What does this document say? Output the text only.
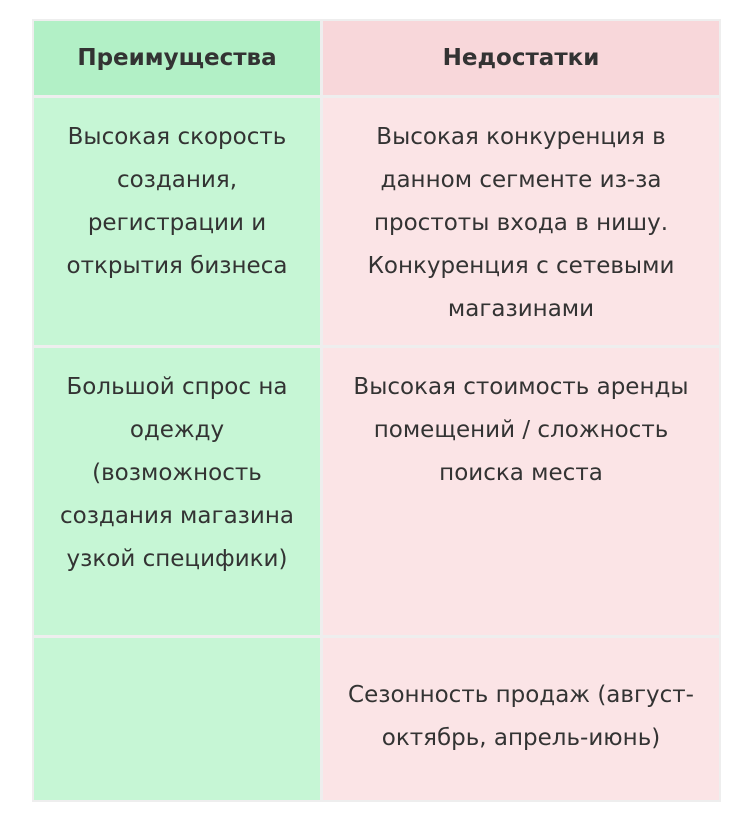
Преимущества	Недостатки
Высокая скорость создания, регистрации и открытия бизнеса
Высокая конкуренция в данном сегменте из-за простоты входа в нишу. Конкуренция с сетевыми магазинами
Большой спрос на одежду (возможность создания магазина узкой специфики)
Высокая стоимость аренды помещений / сложность поиска места
Сезонность продаж (август-октябрь, апрель-июнь)
